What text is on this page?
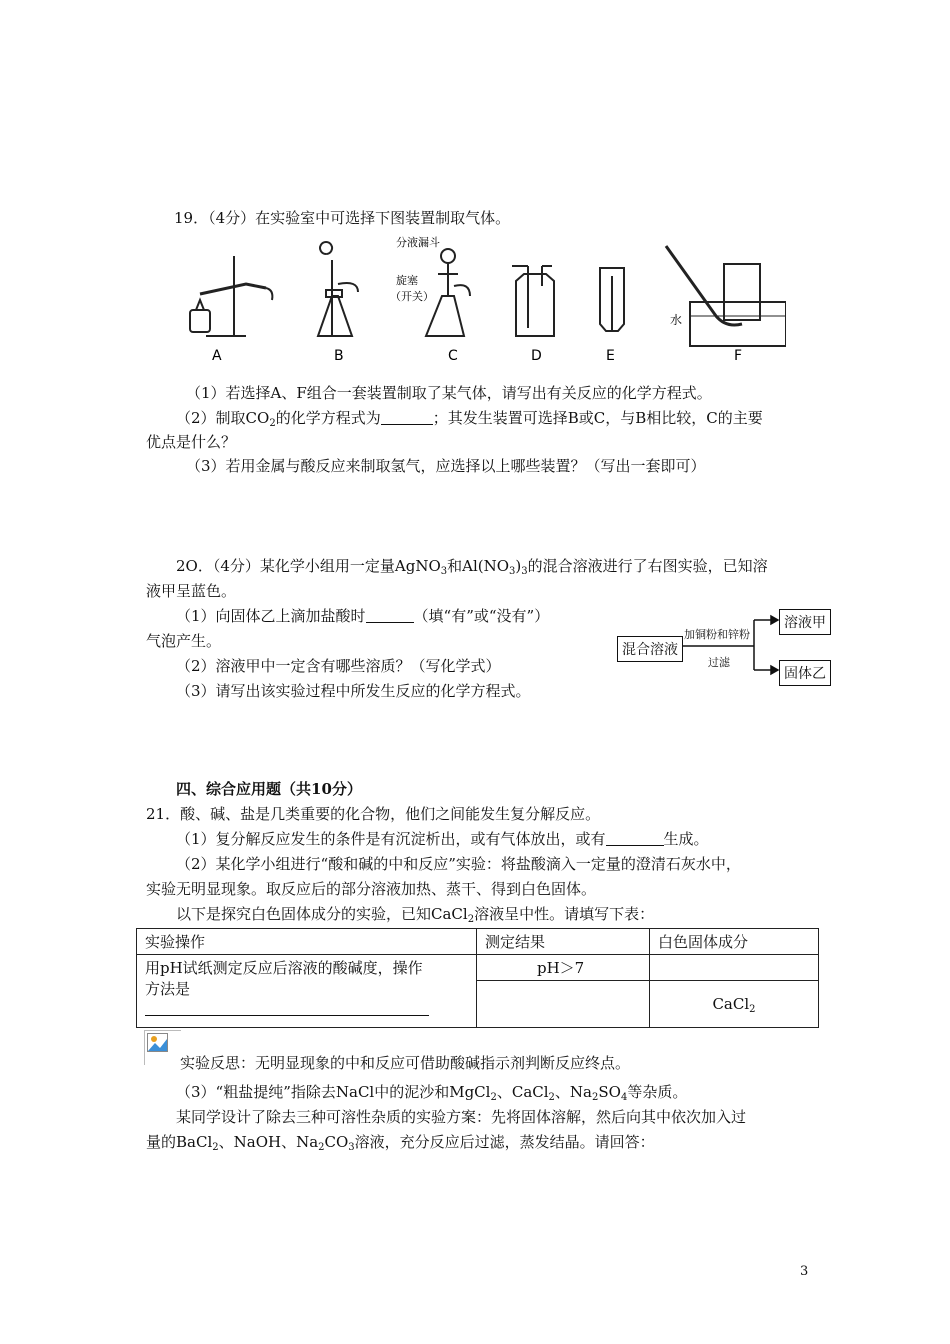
19．（4分）在实验室中可选择下图装置制取气体。
A	B	C	D	E	F
分液漏斗
旋塞
（开关）
水
（1）若选择A、F组合一套装置制取了某气体，请写出有关反应的化学方程式。
（2）制取$CO_2$的化学方程式为	；其发生装置可选择B或C，与B相比较，C的主要
优点是什么？
（3）若用金属与酸反应来制取氢气，应选择以上哪些装置？（写出一套即可）
2O．（4分）某化学小组用一定量AgNO$_3$和$Al(NO_3)_3$的混合溶液进行了右图实验，已知溶
液甲呈蓝色。
（1）向固体乙上滴加盐酸时	（填“有”或“没有”）
气泡产生。
（2）溶液甲中一定含有哪些溶质？（写化学式）
（3）请写出该实验过程中所发生反应的化学方程式。
混合溶液
加铜粉和锌粉
过滤
溶液甲
固体乙
四、综合应用题（共10分）
21．酸、碱、盐是几类重要的化合物，他们之间能发生复分解反应。
（1）复分解反应发生的条件是有沉淀析出，或有气体放出，或有	生成。
（2）某化学小组进行“酸和碱的中和反应”实验：将盐酸滴入一定量的澄清石灰水中，
实验无明显现象。取反应后的部分溶液加热、蒸干、得到白色固体。
以下是探究白色固体成分的实验，已知CaCl$_2$溶液呈中性。请填写下表：
实验操作	测定结果	白色固体成分

用pH试纸测定反应后溶液的酸碱度，操作
方法是	pH＞7	
		CaCl$_2$
实验反思：无明显现象的中和反应可借助酸碱指示剂判断反应终点。
（3）“粗盐提纯”指除去NaCl中的泥沙和MgCl$_2$、CaCl$_2$、$Na_2SO_4$等杂质。
某同学设计了除去三种可溶性杂质的实验方案：先将固体溶解，然后向其中依次加入过
量的BaCl$_2$、NaOH、$Na_2CO_3$溶液，充分反应后过滤，蒸发结晶。请回答：
3
